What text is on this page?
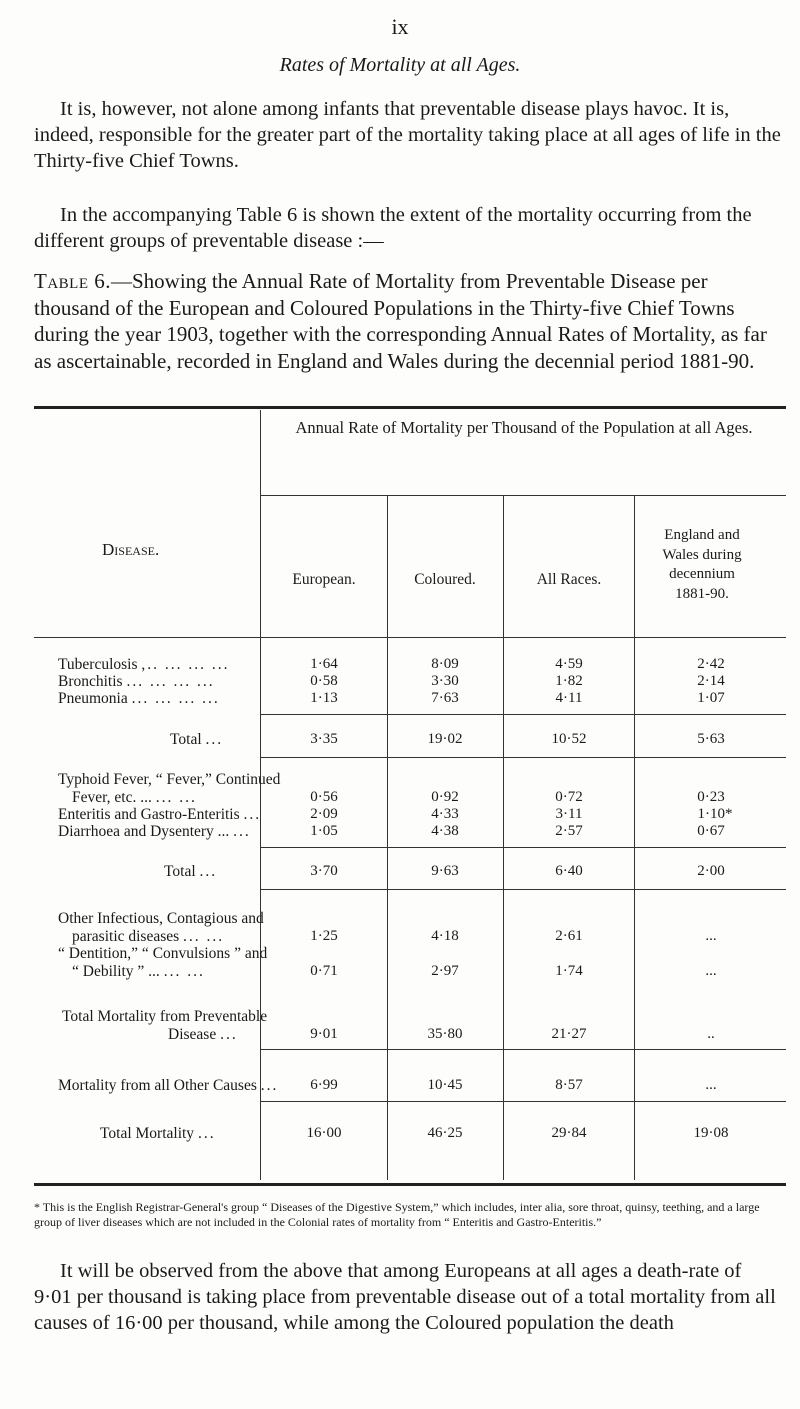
ix
Rates of Mortality at all Ages.
It is, however, not alone among infants that preventable disease plays havoc. It is, indeed, responsible for the greater part of the mortality taking place at all ages of life in the Thirty-five Chief Towns.
In the accompanying Table 6 is shown the extent of the mortality occurring from the different groups of preventable disease :—
Table 6.—Showing the Annual Rate of Mortality from Preventable Disease per thousand of the European and Coloured Populations in the Thirty-five Chief Towns during the year 1903, together with the corresponding Annual Rates of Mortality, as far as ascertainable, recorded in England and Wales during the decennial period 1881-90.
Annual Rate of Mortality per Thousand of the Population at all Ages.
Disease.
European.	Coloured.	All Races.
England and Wales during decennium 1881-90.
Tuberculosis ,.. ... ... ...
Bronchitis ... ... ... ...
Pneumonia ... ... ... ...
Total ...
Typhoid Fever, “ Fever,” Continued
Fever, etc. ... ... ...
Enteritis and Gastro-Enteritis ...
Diarrhoea and Dysentery ... ...
Total ...
Other Infectious, Contagious and
parasitic diseases ... ...
“ Dentition,” “ Convulsions ” and
“ Debility ” ... ... ...
Total Mortality from Preventable
Disease ...
Mortality from all Other Causes ...
Total Mortality ...
1·64
0·58
1·13
3·35
0·56
2·09
1·05
3·70
1·25
0·71
9·01
6·99
16·00
8·09
3·30
7·63
19·02
0·92
4·33
4·38
9·63
4·18
2·97
35·80
10·45
46·25
4·59
1·82
4·11
10·52
0·72
3·11
2·57
6·40
2·61
1·74
21·27
8·57
29·84
2·42
2·14
1·07
5·63
0·23
1·10*
0·67
2·00
...
...
..
...
19·08
* This is the English Registrar-General's group “ Diseases of the Digestive System,” which includes, inter alia, sore throat, quinsy, teething, and a large group of liver diseases which are not included in the Colonial rates of mortality from “ Enteritis and Gastro-Enteritis.”
It will be observed from the above that among Europeans at all ages a death-rate of 9·01 per thousand is taking place from preventable disease out of a total mortality from all causes of 16·00 per thousand, while among the Coloured population the death
